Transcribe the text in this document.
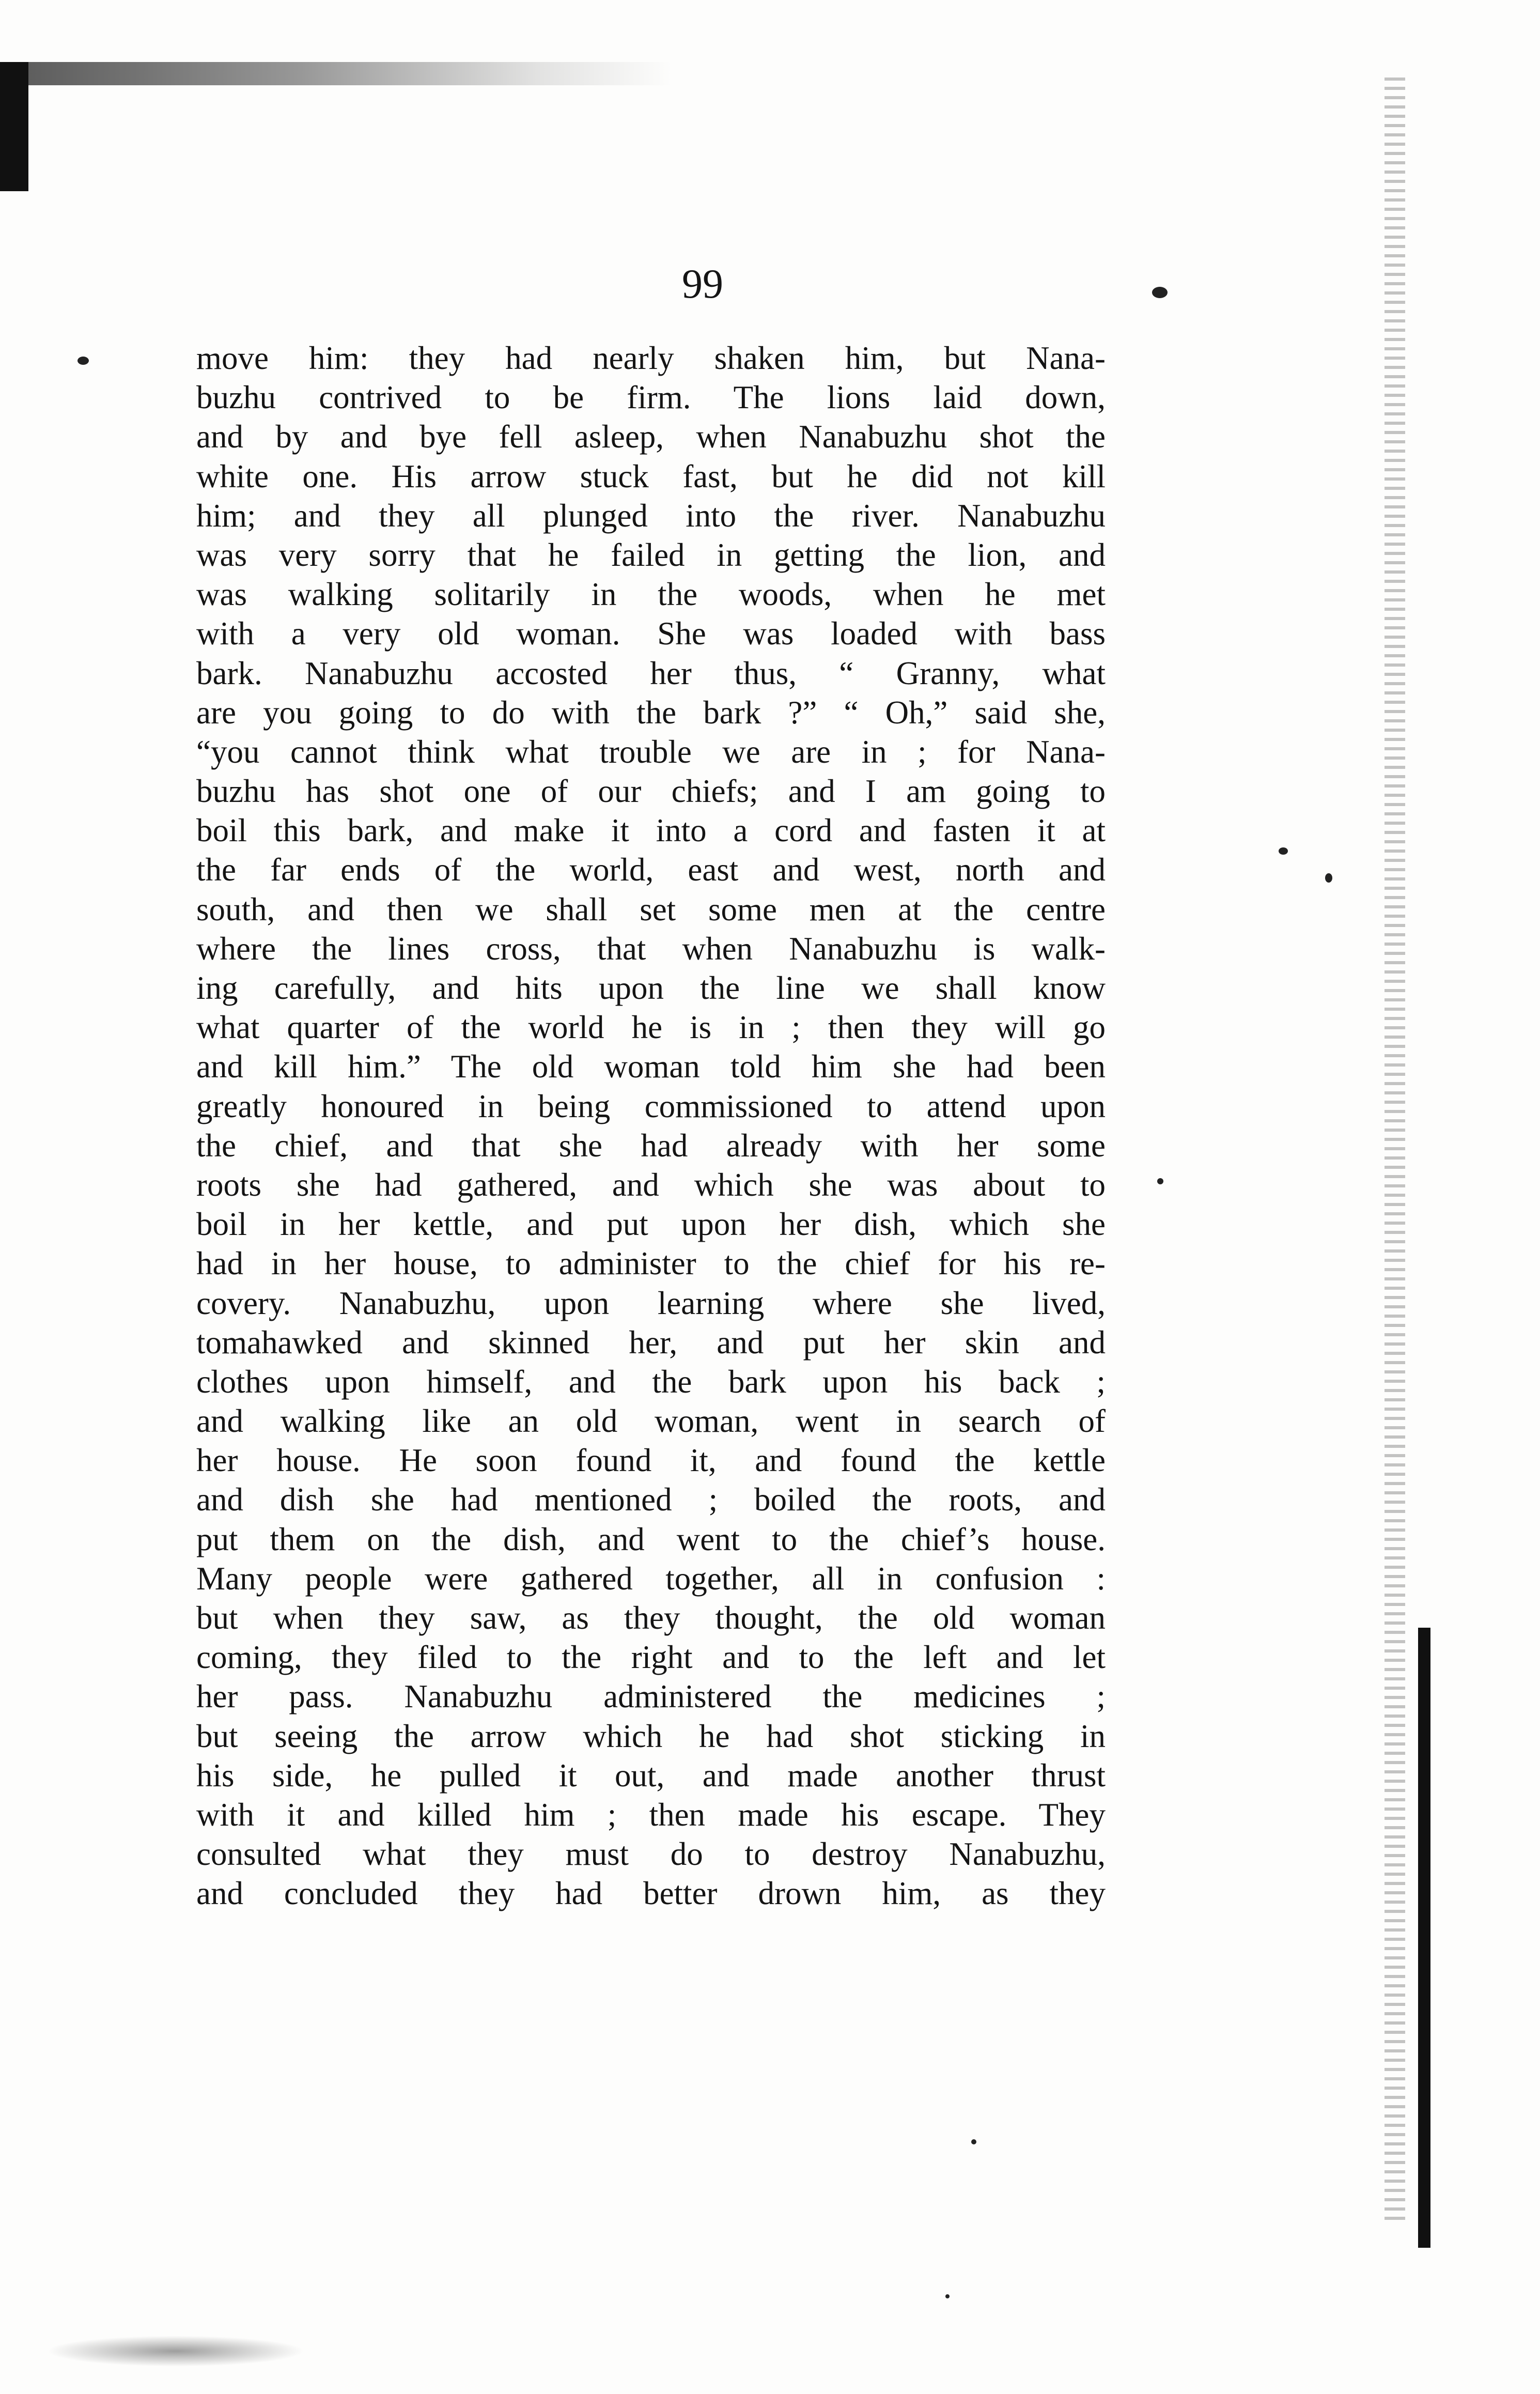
99
move him: they had nearly shaken him, but Nana-
buzhu contrived to be firm. The lions laid down,
and by and bye fell asleep, when Nanabuzhu shot the
white one. His arrow stuck fast, but he did not kill
him; and they all plunged into the river. Nanabuzhu
was very sorry that he failed in getting the lion, and
was walking solitarily in the woods, when he met
with a very old woman. She was loaded with bass
bark. Nanabuzhu accosted her thus, “ Granny, what
are you going to do with the bark ?” “ Oh,” said she,
“you cannot think what trouble we are in ; for Nana-
buzhu has shot one of our chiefs; and I am going to
boil this bark, and make it into a cord and fasten it at
the far ends of the world, east and west, north and
south, and then we shall set some men at the centre
where the lines cross, that when Nanabuzhu is walk-
ing carefully, and hits upon the line we shall know
what quarter of the world he is in ; then they will go
and kill him.” The old woman told him she had been
greatly honoured in being commissioned to attend upon
the chief, and that she had already with her some
roots she had gathered, and which she was about to
boil in her kettle, and put upon her dish, which she
had in her house, to administer to the chief for his re-
covery. Nanabuzhu, upon learning where she lived,
tomahawked and skinned her, and put her skin and
clothes upon himself, and the bark upon his back ;
and walking like an old woman, went in search of
her house. He soon found it, and found the kettle
and dish she had mentioned ; boiled the roots, and
put them on the dish, and went to the chief’s house.
Many people were gathered together, all in confusion :
but when they saw, as they thought, the old woman
coming, they filed to the right and to the left and let
her pass. Nanabuzhu administered the medicines ;
but seeing the arrow which he had shot sticking in
his side, he pulled it out, and made another thrust
with it and killed him ; then made his escape. They
consulted what they must do to destroy Nanabuzhu,
and concluded they had better drown him, as they
